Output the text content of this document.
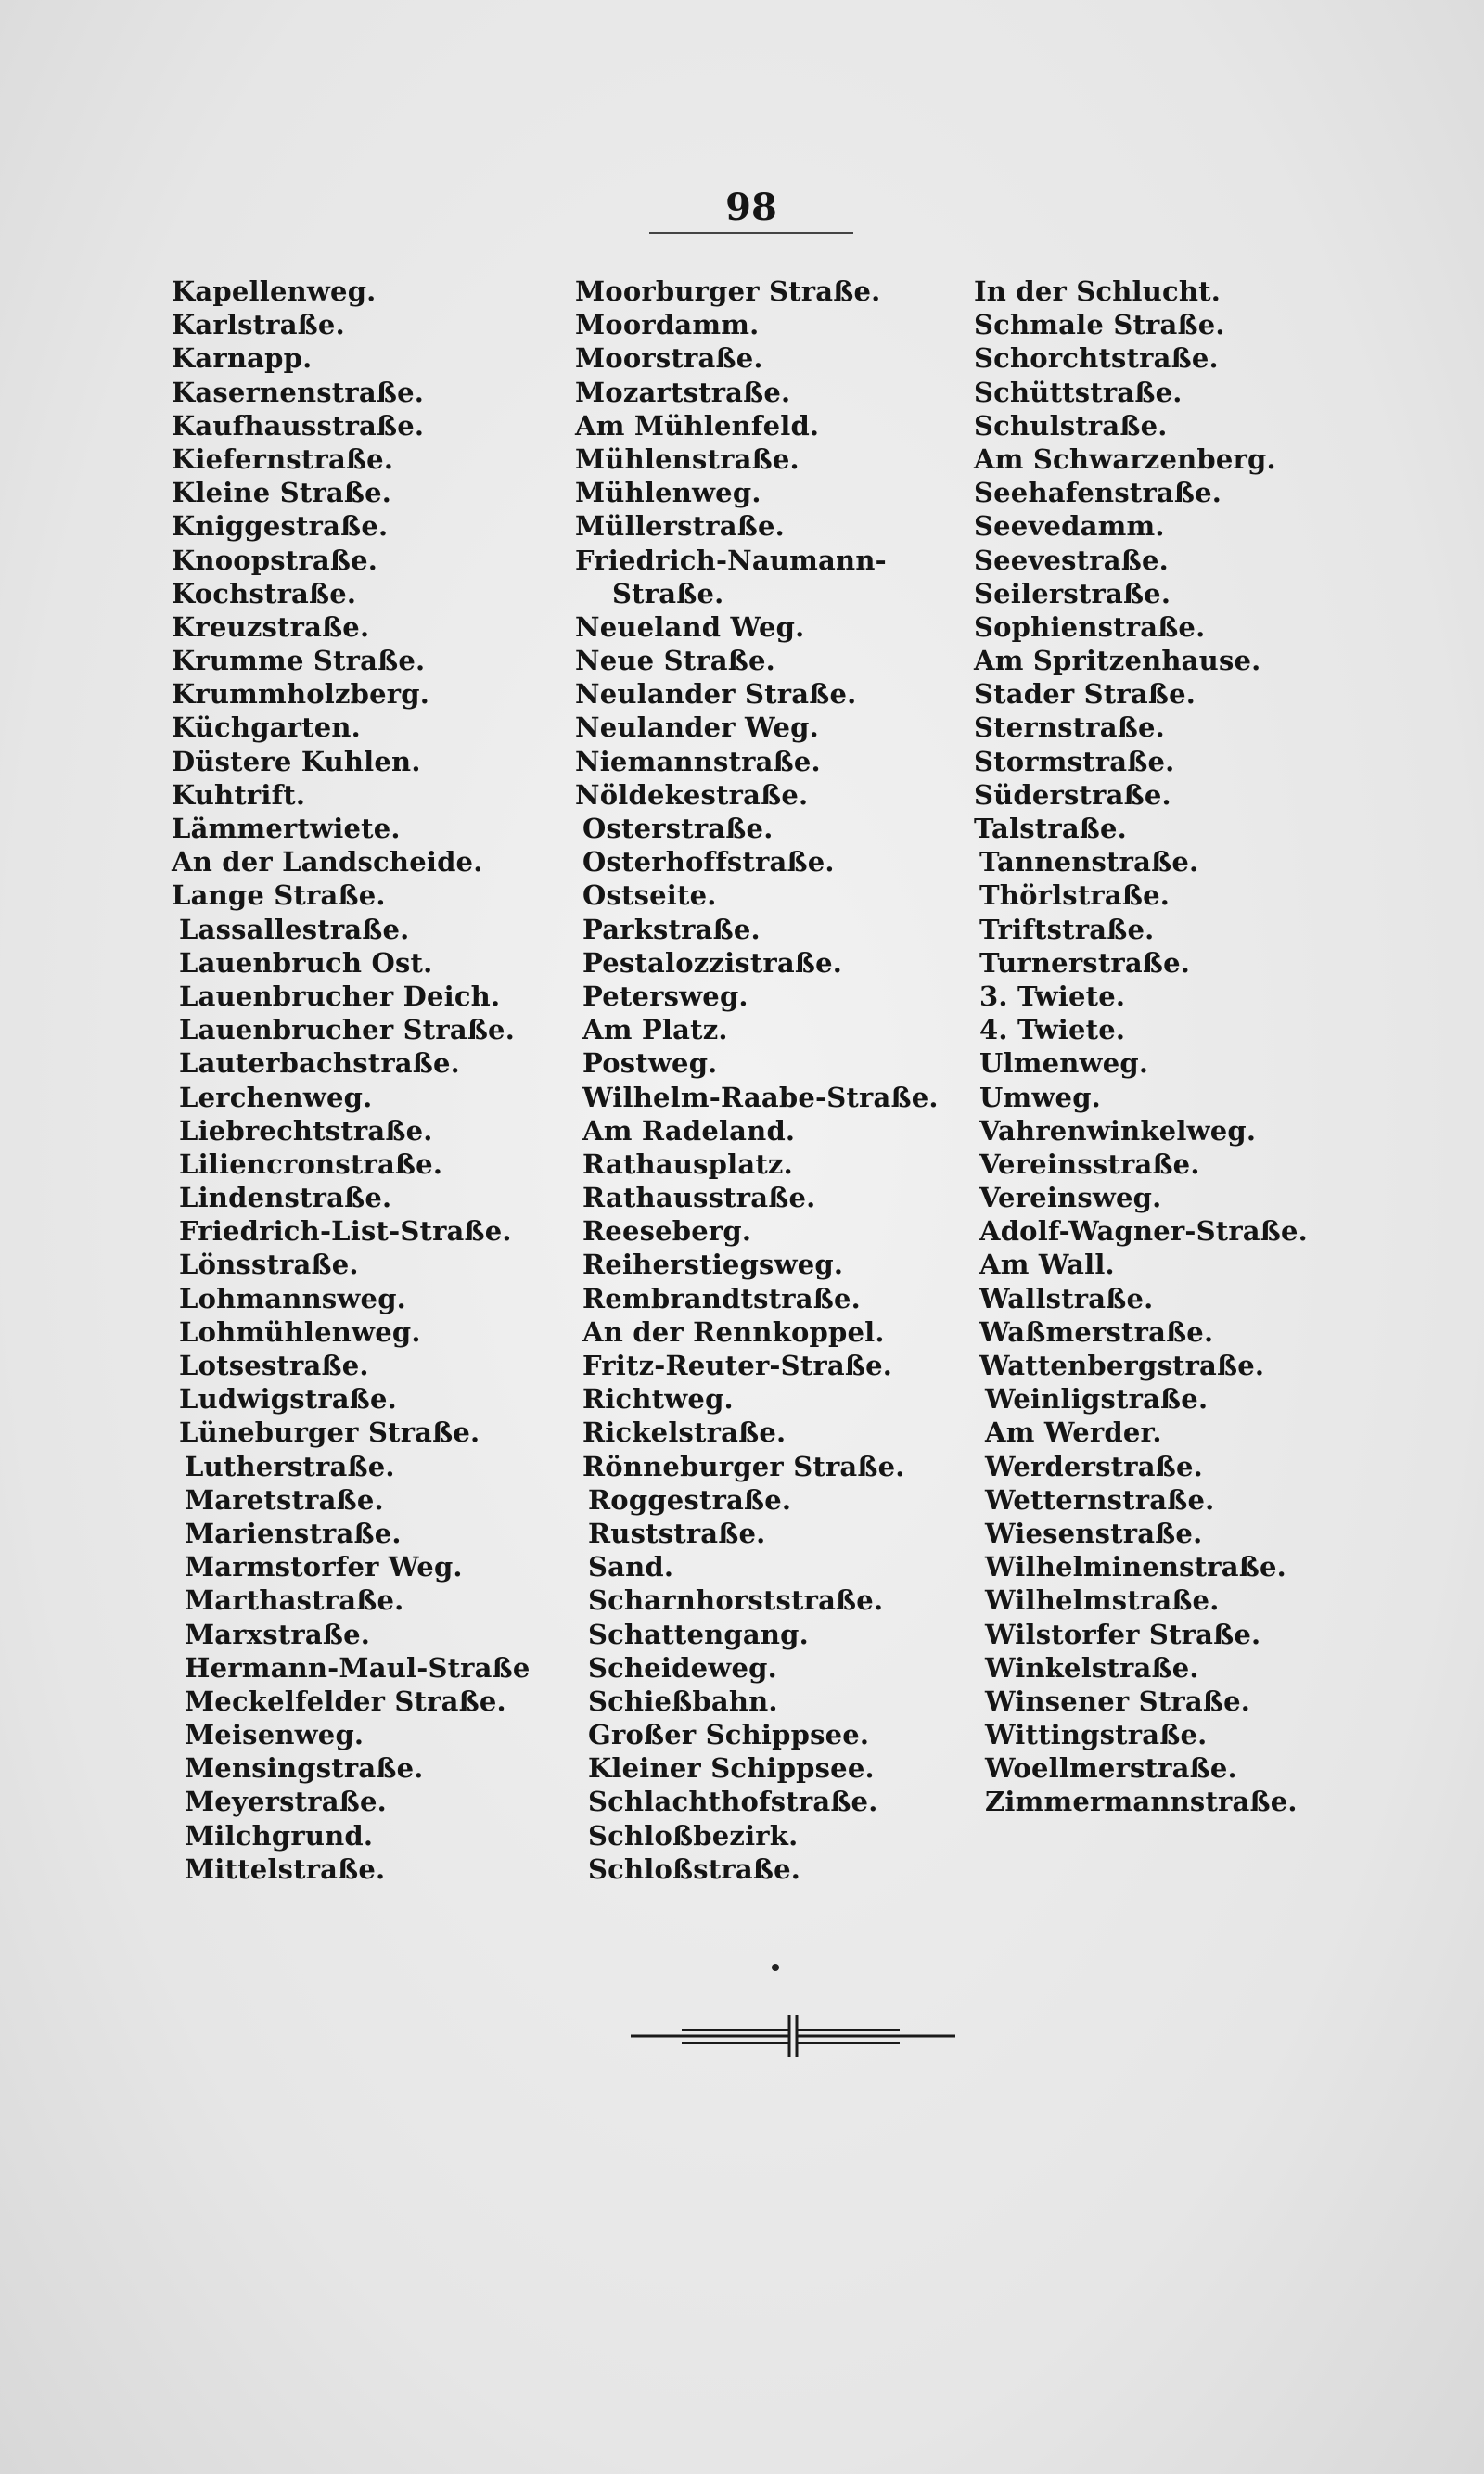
98
Kapellenweg.
Karlstraße.
Karnapp.
Kasernenstraße.
Kaufhausstraße.
Kiefernstraße.
Kleine Straße.
Kniggestraße.
Knoopstraße.
Kochstraße.
Kreuzstraße.
Krumme Straße.
Krummholzberg.
Küchgarten.
Düstere Kuhlen.
Kuhtrift.
Lämmertwiete.
An der Landscheide.
Lange Straße.
Lassallestraße.
Lauenbruch Ost.
Lauenbrucher Deich.
Lauenbrucher Straße.
Lauterbachstraße.
Lerchenweg.
Liebrechtstraße.
Liliencronstraße.
Lindenstraße.
Friedrich-List-Straße.
Lönsstraße.
Lohmannsweg.
Lohmühlenweg.
Lotsestraße.
Ludwigstraße.
Lüneburger Straße.
Lutherstraße.
Maretstraße.
Marienstraße.
Marmstorfer Weg.
Marthastraße.
Marxstraße.
Hermann-Maul-Straße
Meckelfelder Straße.
Meisenweg.
Mensingstraße.
Meyerstraße.
Milchgrund.
Mittelstraße.
Moorburger Straße.
Moordamm.
Moorstraße.
Mozartstraße.
Am Mühlenfeld.
Mühlenstraße.
Mühlenweg.
Müllerstraße.
Friedrich-Naumann-
Straße.
Neueland Weg.
Neue Straße.
Neulander Straße.
Neulander Weg.
Niemannstraße.
Nöldekestraße.
Osterstraße.
Osterhoffstraße.
Ostseite.
Parkstraße.
Pestalozzistraße.
Petersweg.
Am Platz.
Postweg.
Wilhelm-Raabe-Straße.
Am Radeland.
Rathausplatz.
Rathausstraße.
Reeseberg.
Reiherstiegsweg.
Rembrandtstraße.
An der Rennkoppel.
Fritz-Reuter-Straße.
Richtweg.
Rickelstraße.
Rönneburger Straße.
Roggestraße.
Ruststraße.
Sand.
Scharnhorststraße.
Schattengang.
Scheideweg.
Schießbahn.
Großer Schippsee.
Kleiner Schippsee.
Schlachthofstraße.
Schloßbezirk.
Schloßstraße.
In der Schlucht.
Schmale Straße.
Schorchtstraße.
Schüttstraße.
Schulstraße.
Am Schwarzenberg.
Seehafenstraße.
Seevedamm.
Seevestraße.
Seilerstraße.
Sophienstraße.
Am Spritzenhause.
Stader Straße.
Sternstraße.
Stormstraße.
Süderstraße.
Talstraße.
Tannenstraße.
Thörlstraße.
Triftstraße.
Turnerstraße.
3. Twiete.
4. Twiete.
Ulmenweg.
Umweg.
Vahrenwinkelweg.
Vereinsstraße.
Vereinsweg.
Adolf-Wagner-Straße.
Am Wall.
Wallstraße.
Waßmerstraße.
Wattenbergstraße.
Weinligstraße.
Am Werder.
Werderstraße.
Wetternstraße.
Wiesenstraße.
Wilhelminenstraße.
Wilhelmstraße.
Wilstorfer Straße.
Winkelstraße.
Winsener Straße.
Wittingstraße.
Woellmerstraße.
Zimmermannstraße.
